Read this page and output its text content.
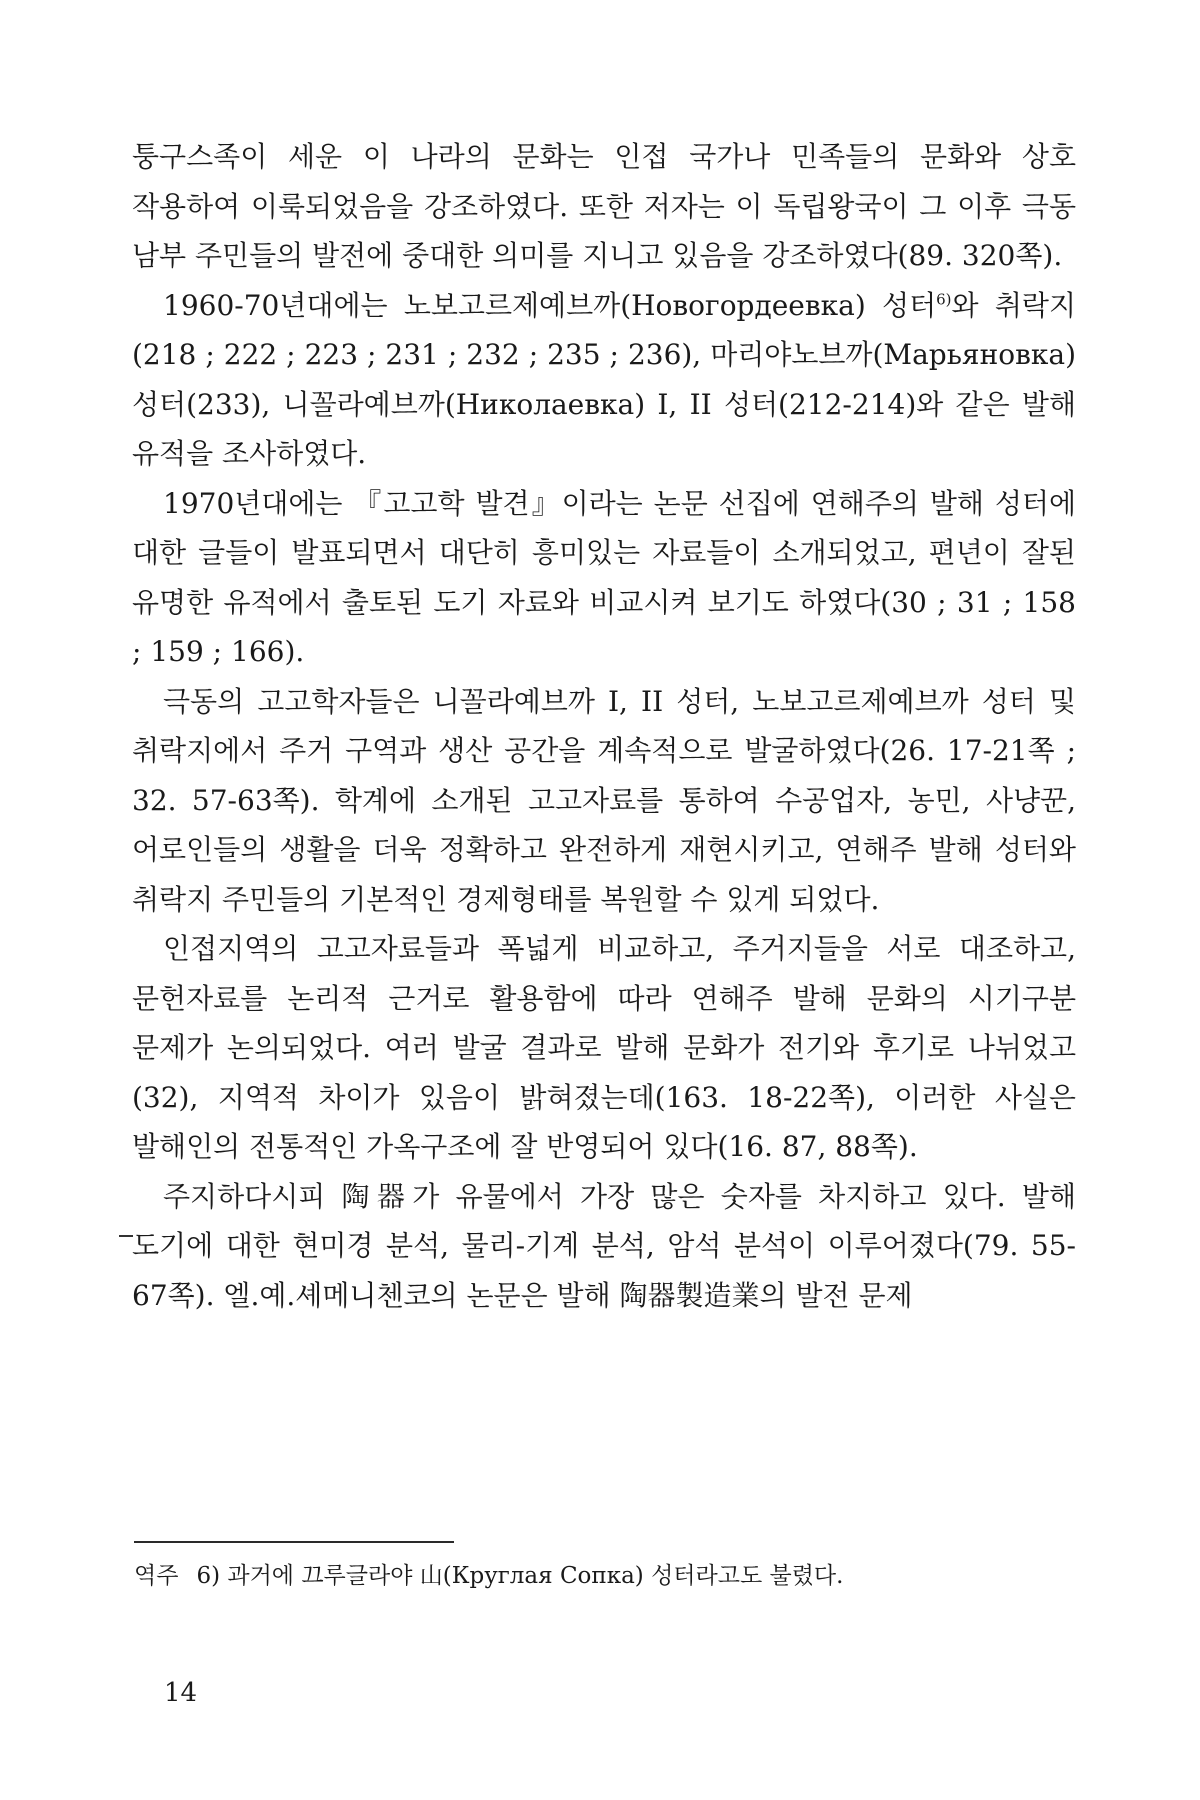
퉁구스족이 세운 이 나라의 문화는 인접 국가나 민족들의 문화와 상호 작용하여 이룩되었음을 강조하였다. 또한 저자는 이 독립왕국이 그 이후 극동 남부 주민들의 발전에 중대한 의미를 지니고 있음을 강조하였다(89. 320쪽).

1960-70년대에는 노보고르제예브까(Новогордеевка) 성터$^{6)}$와 취락지(218 ; 222 ; 223 ; 231 ; 232 ; 235 ; 236), 마리야노브까(Марьяновка) 성터(233), 니꼴라예브까(Николаевка) I, II 성터(212-214)와 같은 발해 유적을 조사하였다.

1970년대에는 『고고학 발견』이라는 논문 선집에 연해주의 발해 성터에 대한 글들이 발표되면서 대단히 흥미있는 자료들이 소개되었고, 편년이 잘된 유명한 유적에서 출토된 도기 자료와 비교시켜 보기도 하였다(30 ; 31 ; 158 ; 159 ; 166).

극동의 고고학자들은 니꼴라예브까 I, II 성터, 노보고르제예브까 성터 및 취락지에서 주거 구역과 생산 공간을 계속적으로 발굴하였다(26. 17-21쪽 ; 32. 57-63쪽). 학계에 소개된 고고자료를 통하여 수공업자, 농민, 사냥꾼, 어로인들의 생활을 더욱 정확하고 완전하게 재현시키고, 연해주 발해 성터와 취락지 주민들의 기본적인 경제형태를 복원할 수 있게 되었다.

인접지역의 고고자료들과 폭넓게 비교하고, 주거지들을 서로 대조하고, 문헌자료를 논리적 근거로 활용함에 따라 연해주 발해 문화의 시기구분 문제가 논의되었다. 여러 발굴 결과로 발해 문화가 전기와 후기로 나뉘었고(32), 지역적 차이가 있음이 밝혀졌는데(163. 18-22쪽), 이러한 사실은 발해인의 전통적인 가옥구조에 잘 반영되어 있다(16. 87, 88쪽).

주지하다시피 陶器가 유물에서 가장 많은 숫자를 차지하고 있다. 발해 도기에 대한 현미경 분석, 물리-기계 분석, 암석 분석이 이루어졌다(79. 55-67쪽). 엘.예.셰메니첸코의 논문은 발해 陶器製造業의 발전 문제

역주 6) 과거에 끄루글라야 山(Круглая Сопка) 성터라고도 불렸다.

14
